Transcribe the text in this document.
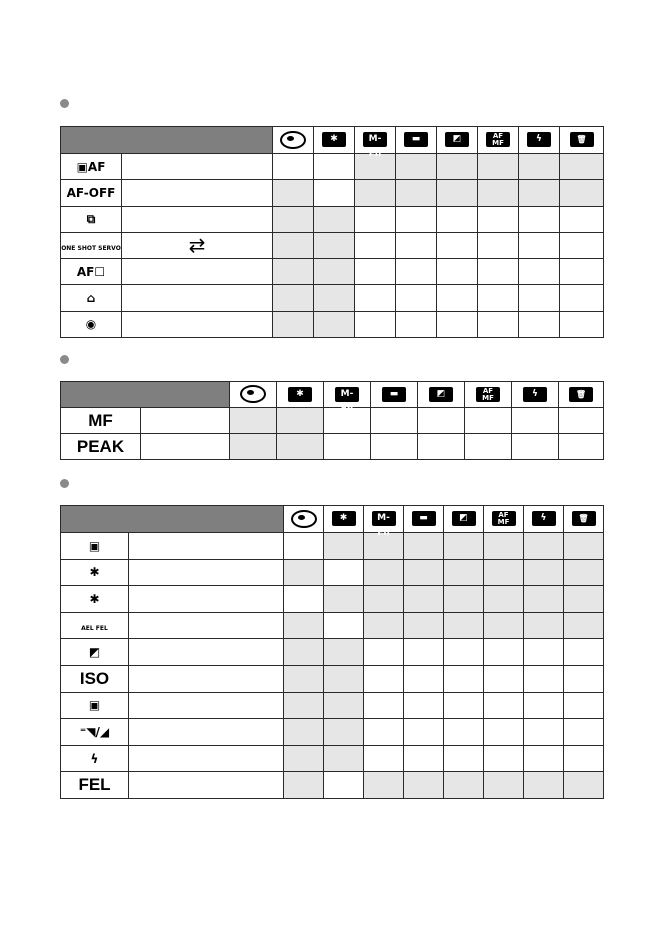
			✱	M-Fn	▬	◩	AF MF	ϟ	🗑
▣AF									
AF-OFF									
⧉									
ONE SHOT SERVO	⇄								
AF☐									
⌂									
◉									
			✱	M-Fn	▬	◩	AF MF	ϟ	🗑
MF									
PEAK									
			✱	M-Fn	▬	◩	AF MF	ϟ	🗑
▣									
✱									
✱									
AEL FEL									
◩									
ISO									
▣									
⁼◥/◢									
ϟ									
FEL									
